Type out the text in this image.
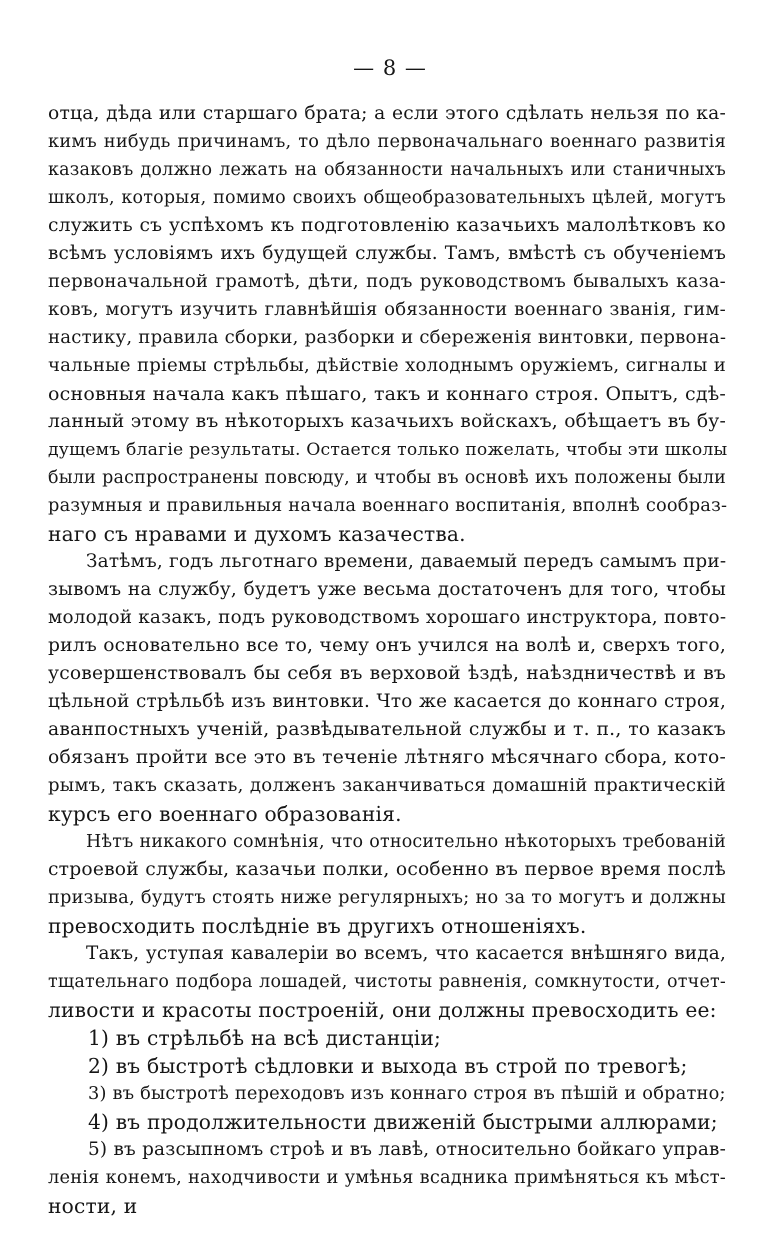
— 8 —
отца, дѣда или старшаго брата; а если этого сдѣлать нельзя по ка-
кимъ нибудь причинамъ, то дѣло первоначальнаго военнаго развитія
казаковъ должно лежать на обязанности начальныхъ или станичныхъ
школъ, которыя, помимо своихъ общеобразовательныхъ цѣлей, могутъ
служить съ успѣхомъ къ подготовленію казачьихъ малолѣтковъ ко
всѣмъ условіямъ ихъ будущей службы. Тамъ, вмѣстѣ съ обученіемъ
первоначальной грамотѣ, дѣти, подъ руководствомъ бывалыхъ каза-
ковъ, могутъ изучить главнѣйшія обязанности военнаго званія, гим-
настику, правила сборки, разборки и сбереженія винтовки, первона-
чальные пріемы стрѣльбы, дѣйствіе холоднымъ оружіемъ, сигналы и
основныя начала какъ пѣшаго, такъ и коннаго строя. Опытъ, сдѣ-
ланный этому въ нѣкоторыхъ казачьихъ войскахъ, обѣщаетъ въ бу-
дущемъ благіе результаты. Остается только пожелать, чтобы эти школы
были распространены повсюду, и чтобы въ основѣ ихъ положены были
разумныя и правильныя начала военнаго воспитанія, вполнѣ сообраз-
наго съ нравами и духомъ казачества.
Затѣмъ, годъ льготнаго времени, даваемый передъ самымъ при-
зывомъ на службу, будетъ уже весьма достаточенъ для того, чтобы
молодой казакъ, подъ руководствомъ хорошаго инструктора, повто-
рилъ основательно все то, чему онъ учился на волѣ и, сверхъ того,
усовершенствовалъ бы себя въ верховой ѣздѣ, наѣздничествѣ и въ
цѣльной стрѣльбѣ изъ винтовки. Что же касается до коннаго строя,
аванпостныхъ ученій, развѣдывательной службы и т. п., то казакъ
обязанъ пройти все это въ теченіе лѣтняго мѣсячнаго сбора, кото-
рымъ, такъ сказать, долженъ заканчиваться домашній практическій
курсъ его военнаго образованія.
Нѣтъ никакого сомнѣнія, что относительно нѣкоторыхъ требованій
строевой службы, казачьи полки, особенно въ первое время послѣ
призыва, будутъ стоять ниже регулярныхъ; но за то могутъ и должны
превосходить послѣдніе въ другихъ отношеніяхъ.
Такъ, уступая кавалеріи во всемъ, что касается внѣшняго вида,
тщательнаго подбора лошадей, чистоты равненія, сомкнутости, отчет-
ливости и красоты построеній, они должны превосходить ее:
1) въ стрѣльбѣ на всѣ дистанціи;
2) въ быстротѣ сѣдловки и выхода въ строй по тревогѣ;
3) въ быстротѣ переходовъ изъ коннаго строя въ пѣшій и обратно;
4) въ продолжительности движеній быстрыми аллюрами;
5) въ разсыпномъ строѣ и въ лавѣ, относительно бойкаго управ-
ленія конемъ, находчивости и умѣнья всадника примѣняться къ мѣст-
ности, и
